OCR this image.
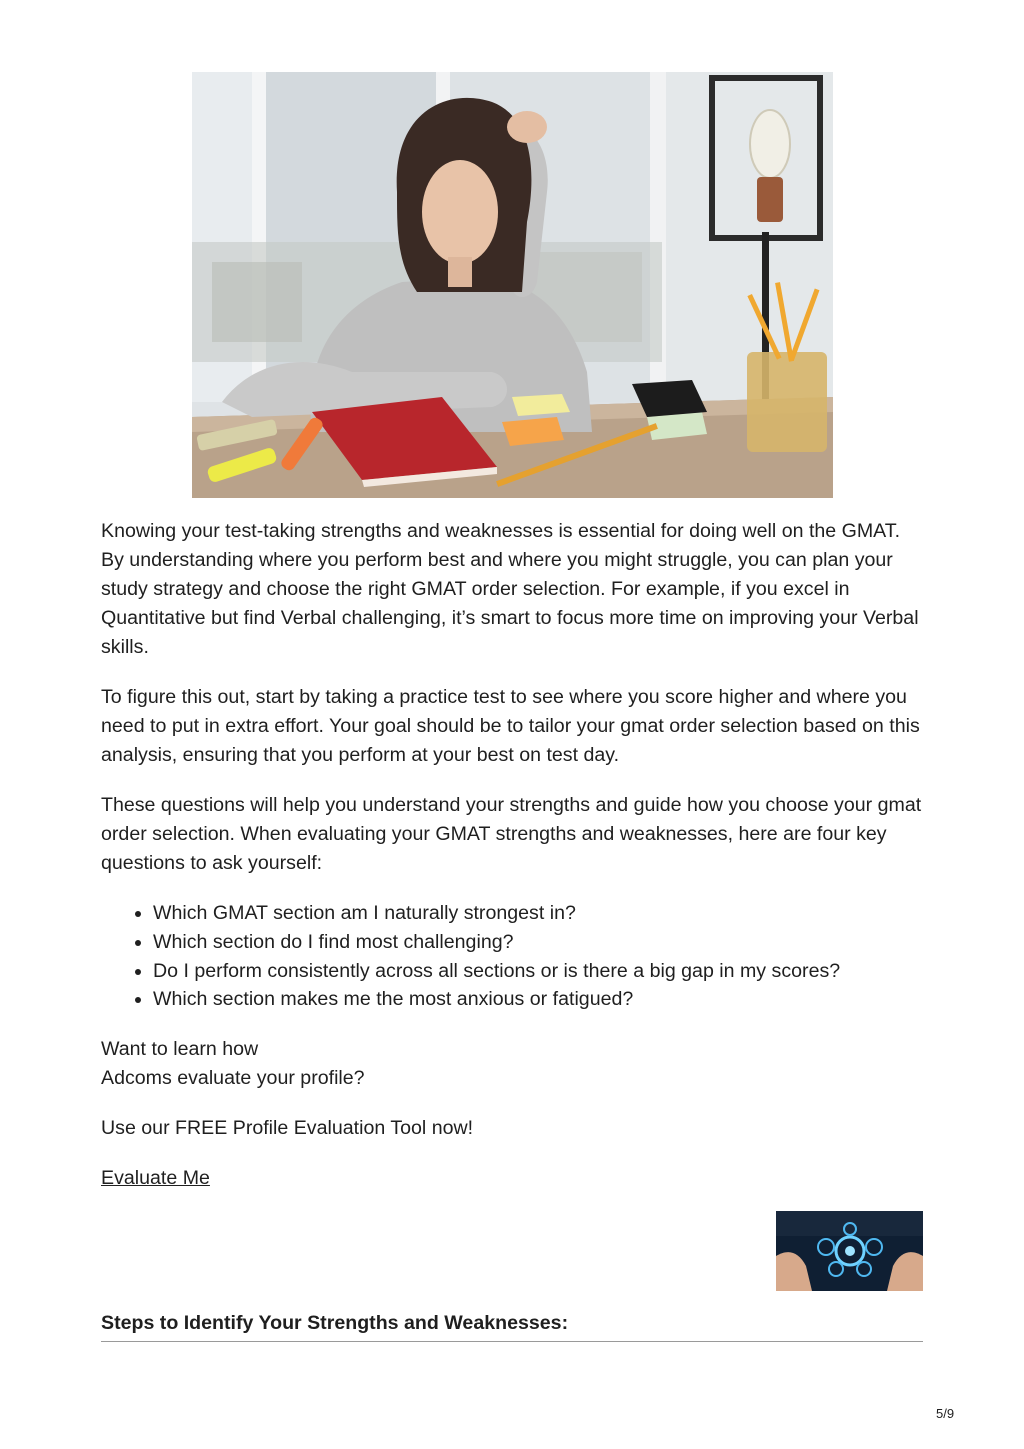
Knowing your test-taking strengths and weaknesses is essential for doing well on the GMAT. By understanding where you perform best and where you might struggle, you can plan your study strategy and choose the right GMAT order selection. For example, if you excel in Quantitative but find Verbal challenging, it’s smart to focus more time on improving your Verbal skills.

To figure this out, start by taking a practice test to see where you score higher and where you need to put in extra effort. Your goal should be to tailor your gmat order selection based on this analysis, ensuring that you perform at your best on test day.

These questions will help you understand your strengths and guide how you choose your gmat order selection. When evaluating your GMAT strengths and weaknesses, here are four key questions to ask yourself:

• Which GMAT section am I naturally strongest in?
• Which section do I find most challenging?
• Do I perform consistently across all sections or is there a big gap in my scores?
• Which section makes me the most anxious or fatigued?

Want to learn how
Adcoms evaluate your profile?

Use our FREE Profile Evaluation Tool now!

Evaluate Me

Steps to Identify Your Strengths and Weaknesses:
5/9
